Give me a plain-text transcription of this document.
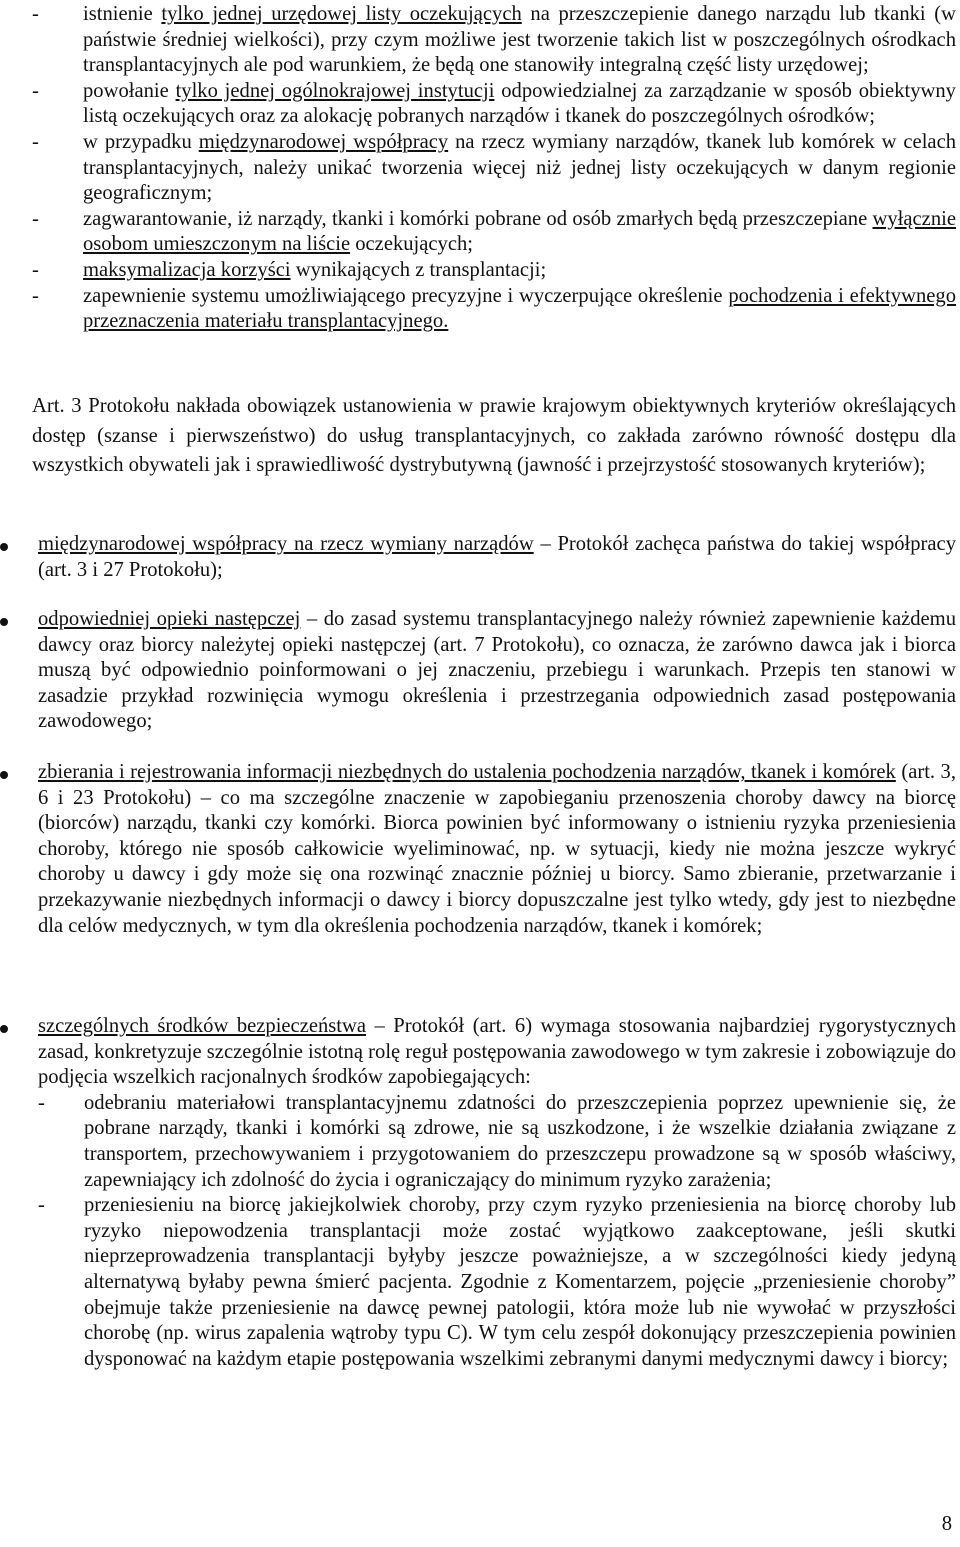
- istnienie tylko jednej urzędowej listy oczekujących na przeszczepienie danego narządu lub tkanki (w państwie średniej wielkości), przy czym możliwe jest tworzenie takich list w poszczególnych ośrodkach transplantacyjnych ale pod warunkiem, że będą one stanowiły integralną część listy urzędowej;

- powołanie tylko jednej ogólnokrajowej instytucji odpowiedzialnej za zarządzanie w sposób obiektywny listą oczekujących oraz za alokację pobranych narządów i tkanek do poszczególnych ośrodków;

- w przypadku międzynarodowej współpracy na rzecz wymiany narządów, tkanek lub komórek w celach transplantacyjnych, należy unikać tworzenia więcej niż jednej listy oczekujących w danym regionie geograficznym;

- zagwarantowanie, iż narządy, tkanki i komórki pobrane od osób zmarłych będą przeszczepiane wyłącznie osobom umieszczonym na liście oczekujących;

- maksymalizacja korzyści wynikających z transplantacji;

- zapewnienie systemu umożliwiającego precyzyjne i wyczerpujące określenie pochodzenia i efektywnego przeznaczenia materiału transplantacyjnego.

Art. 3 Protokołu nakłada obowiązek ustanowienia w prawie krajowym obiektywnych kryteriów określających dostęp (szanse i pierwszeństwo) do usług transplantacyjnych, co zakłada zarówno równość dostępu dla wszystkich obywateli jak i sprawiedliwość dystrybutywną (jawność i przejrzystość stosowanych kryteriów);

międzynarodowej współpracy na rzecz wymiany narządów – Protokół zachęca państwa do takiej współpracy (art. 3 i 27 Protokołu);

odpowiedniej opieki następczej – do zasad systemu transplantacyjnego należy również zapewnienie każdemu dawcy oraz biorcy należytej opieki następczej (art. 7 Protokołu), co oznacza, że zarówno dawca jak i biorca muszą być odpowiednio poinformowani o jej znaczeniu, przebiegu i warunkach. Przepis ten stanowi w zasadzie przykład rozwinięcia wymogu określenia i przestrzegania odpowiednich zasad postępowania zawodowego;

zbierania i rejestrowania informacji niezbędnych do ustalenia pochodzenia narządów, tkanek i komórek (art. 3, 6 i 23 Protokołu) – co ma szczególne znaczenie w zapobieganiu przenoszenia choroby dawcy na biorcę (biorców) narządu, tkanki czy komórki. Biorca powinien być informowany o istnieniu ryzyka przeniesienia choroby, którego nie sposób całkowicie wyeliminować, np. w sytuacji, kiedy nie można jeszcze wykryć choroby u dawcy i gdy może się ona rozwinąć znacznie później u biorcy. Samo zbieranie, przetwarzanie i przekazywanie niezbędnych informacji o dawcy i biorcy dopuszczalne jest tylko wtedy, gdy jest to niezbędne dla celów medycznych, w tym dla określenia pochodzenia narządów, tkanek i komórek;

szczególnych środków bezpieczeństwa – Protokół (art. 6) wymaga stosowania najbardziej rygorystycznych zasad, konkretyzuje szczególnie istotną rolę reguł postępowania zawodowego w tym zakresie i zobowiązuje do podjęcia wszelkich racjonalnych środków zapobiegających:

- odebraniu materiałowi transplantacyjnemu zdatności do przeszczepienia poprzez upewnienie się, że pobrane narządy, tkanki i komórki są zdrowe, nie są uszkodzone, i że wszelkie działania związane z transportem, przechowywaniem i przygotowaniem do przeszczepu prowadzone są w sposób właściwy, zapewniający ich zdolność do życia i ograniczający do minimum ryzyko zarażenia;

- przeniesieniu na biorcę jakiejkolwiek choroby, przy czym ryzyko przeniesienia na biorcę choroby lub ryzyko niepowodzenia transplantacji może zostać wyjątkowo zaakceptowane, jeśli skutki nieprzeprowadzenia transplantacji byłyby jeszcze poważniejsze, a w szczególności kiedy jedyną alternatywą byłaby pewna śmierć pacjenta. Zgodnie z Komentarzem, pojęcie „przeniesienie choroby” obejmuje także przeniesienie na dawcę pewnej patologii, która może lub nie wywołać w przyszłości chorobę (np. wirus zapalenia wątroby typu C). W tym celu zespół dokonujący przeszczepienia powinien dysponować na każdym etapie postępowania wszelkimi zebranymi danymi medycznymi dawcy i biorcy;

8
